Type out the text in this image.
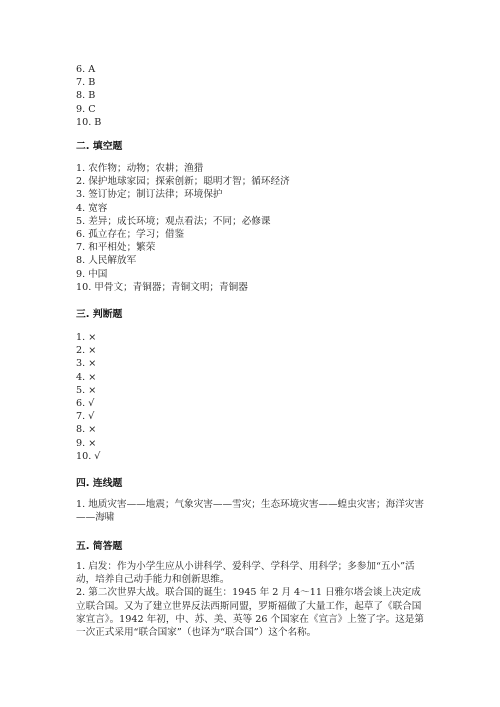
6. A
7. B
8. B
9. C
10. B
二. 填空题
1. 农作物；动物；农耕；渔猎
2. 保护地球家园；探索创新；聪明才智；循环经济
3. 签订协定；制订法律；环境保护
4. 宽容
5. 差异；成长环境；观点看法；不同；必修课
6. 孤立存在；学习；借鉴
7. 和平相处；繁荣
8. 人民解放军
9. 中国
10. 甲骨文；青铜器；青铜文明；青铜器
三. 判断题
1. ×
2. ×
3. ×
4. ×
5. ×
6. √
7. √
8. ×
9. ×
10. √
四. 连线题
1. 地质灾害——地震；气象灾害——雪灾；生态环境灾害——蝗虫灾害；海洋灾害——海啸
五. 简答题
1. 启发：作为小学生应从小讲科学、爱科学、学科学、用科学；多参加“五小”活动，培养自己动手能力和创新思维。
2. 第二次世界大战。联合国的诞生：1945 年 2 月 4～11 日雅尔塔会谈上决定成立联合国。又为了建立世界反法西斯同盟，罗斯福做了大量工作，起草了《联合国家宣言》。1942 年初，中、苏、美、英等 26 个国家在《宣言》上签了字。这是第一次正式采用“联合国家”（也译为“联合国”）这个名称。
